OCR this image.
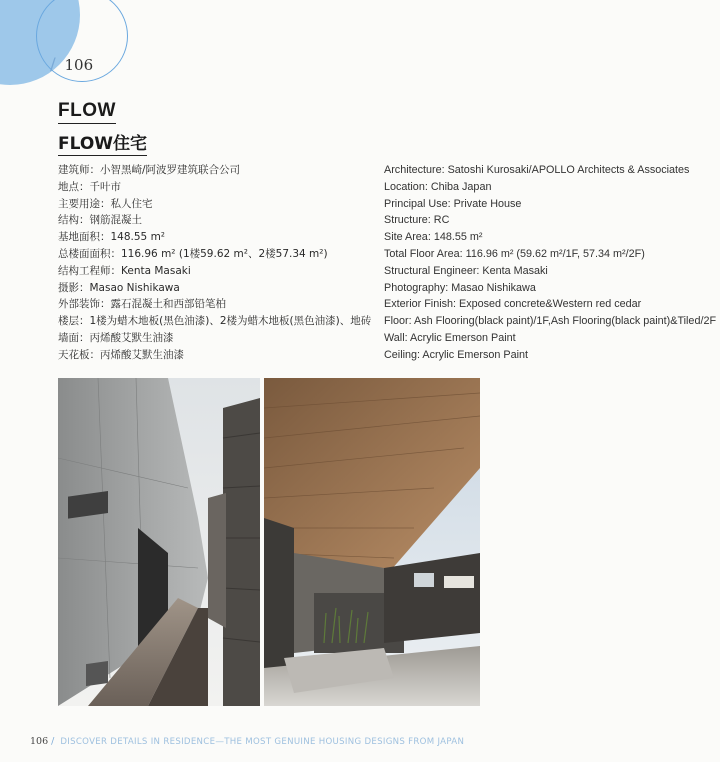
/ 106
FLOW
FLOW住宅
建筑师：小智黑崎/阿波罗建筑联合公司
地点：千叶市
主要用途：私人住宅
结构：钢筋混凝土
基地面积：148.55 m²
总楼面面积：116.96 m² (1楼59.62 m²、2楼57.34 m²)
结构工程师：Kenta Masaki
摄影：Masao Nishikawa
外部装饰：露石混凝土和西部铅笔柏
楼层：1楼为蜡木地板(黑色油漆)、2楼为蜡木地板(黑色油漆)、地砖
墙面：丙烯酸艾默生油漆
天花板：丙烯酸艾默生油漆
Architecture: Satoshi Kurosaki/APOLLO Architects & Associates
Location: Chiba Japan
Principal Use: Private House
Structure: RC
Site Area: 148.55 m²
Total Floor Area: 116.96 m² (59.62 m²/1F, 57.34 m²/2F)
Structural Engineer: Kenta Masaki
Photography: Masao Nishikawa
Exterior Finish: Exposed concrete&Western red cedar
Floor: Ash Flooring(black paint)/1F,Ash Flooring(black paint)&Tiled/2F
Wall: Acrylic Emerson Paint
Ceiling: Acrylic Emerson Paint
106 / DISCOVER DETAILS IN RESIDENCE—THE MOST GENUINE HOUSING DESIGNS FROM JAPAN
